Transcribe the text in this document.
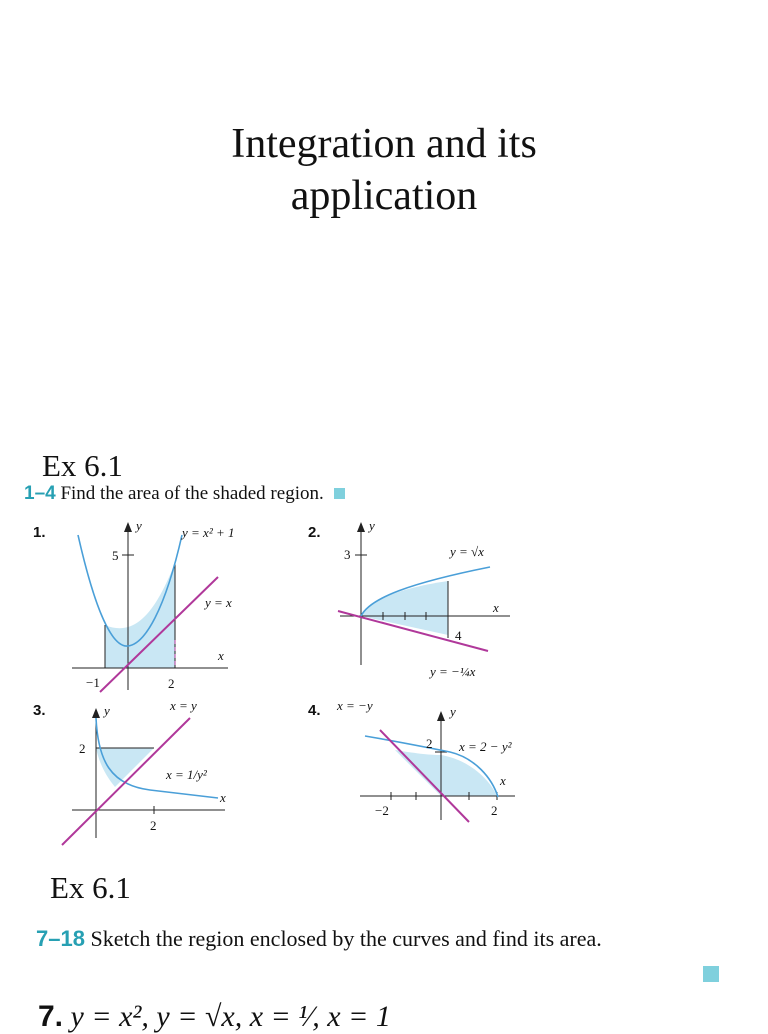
Integration and its
application
Ex 6.1
1–4 Find the area of the shaded region.
1.	y
x
5
−1	2
y = x² + 1
y = x
2.	y
x
3
4
y = √x
y = −¼x
3.	y
x
2
2
x = y
x = 1/y²
4.	y
x
2
−2	2
x = −y
x = 2 − y²
Ex 6.1
7–18 Sketch the region enclosed by the curves and find its area.
7. y = x², y = √x, x = ¹⁄, x = 1
